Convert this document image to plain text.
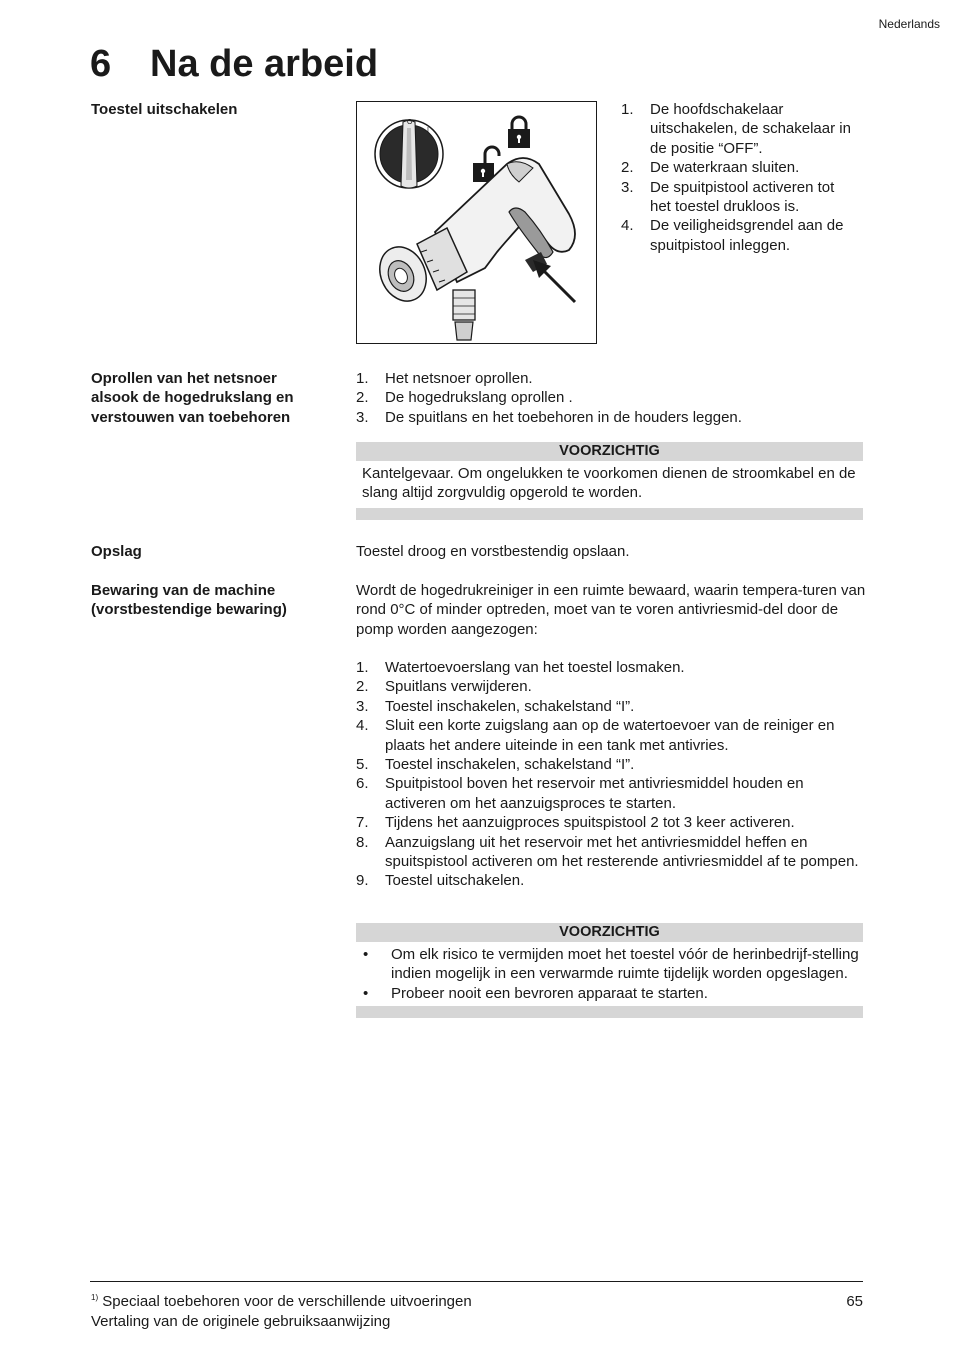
Nederlands
6 Na de arbeid
Toestel uitschakelen
O
I
1. De hoofdschakelaar uitschakelen, de schakelaar in de positie “OFF”.
2. De waterkraan sluiten.
3. De spuitpistool activeren tot het toestel drukloos is.
4. De veiligheidsgrendel aan de spuitpistool inleggen.
Oprollen van het netsnoer alsook de hogedrukslang en verstouwen van toebehoren
1. Het netsnoer oprollen.
2. De hogedrukslang oprollen .
3. De spuitlans en het toebehoren in de houders leggen.
VOORZICHTIG
Kantelgevaar. Om ongelukken te voorkomen dienen de stroomkabel en de slang altijd zorgvuldig opgerold te worden.
Opslag	Toestel droog en vorstbestendig opslaan.
Bewaring van de machine (vorstbestendige bewaring)
Wordt de hogedrukreiniger in een ruimte bewaard, waarin tempera-turen van rond 0°C of minder optreden, moet van te voren antivriesmid-del door de pomp worden aangezogen:
1. Watertoevoerslang van het toestel losmaken.
2. Spuitlans verwijderen.
3. Toestel inschakelen, schakelstand “I”.
4. Sluit een korte zuigslang aan op de watertoevoer van de reiniger en plaats het andere uiteinde in een tank met antivries.
5. Toestel inschakelen, schakelstand “I”.
6. Spuitpistool boven het reservoir met antivriesmiddel houden en activeren om het aanzuigsproces te starten.
7. Tijdens het aanzuigproces spuitspistool 2 tot 3 keer activeren.
8. Aanzuigslang uit het reservoir met het antivriesmiddel heffen en spuitspistool activeren om het resterende antivriesmiddel af te pompen.
9. Toestel uitschakelen.
VOORZICHTIG
• Om elk risico te vermijden moet het toestel vóór de herinbedrijf-stelling indien mogelijk in een verwarmde ruimte tijdelijk worden opgeslagen.
• Probeer nooit een bevroren apparaat te starten.
$^{1)}$ Speciaal toebehoren voor de verschillende uitvoeringen
Vertaling van de originele gebruiksaanwijzing
65
